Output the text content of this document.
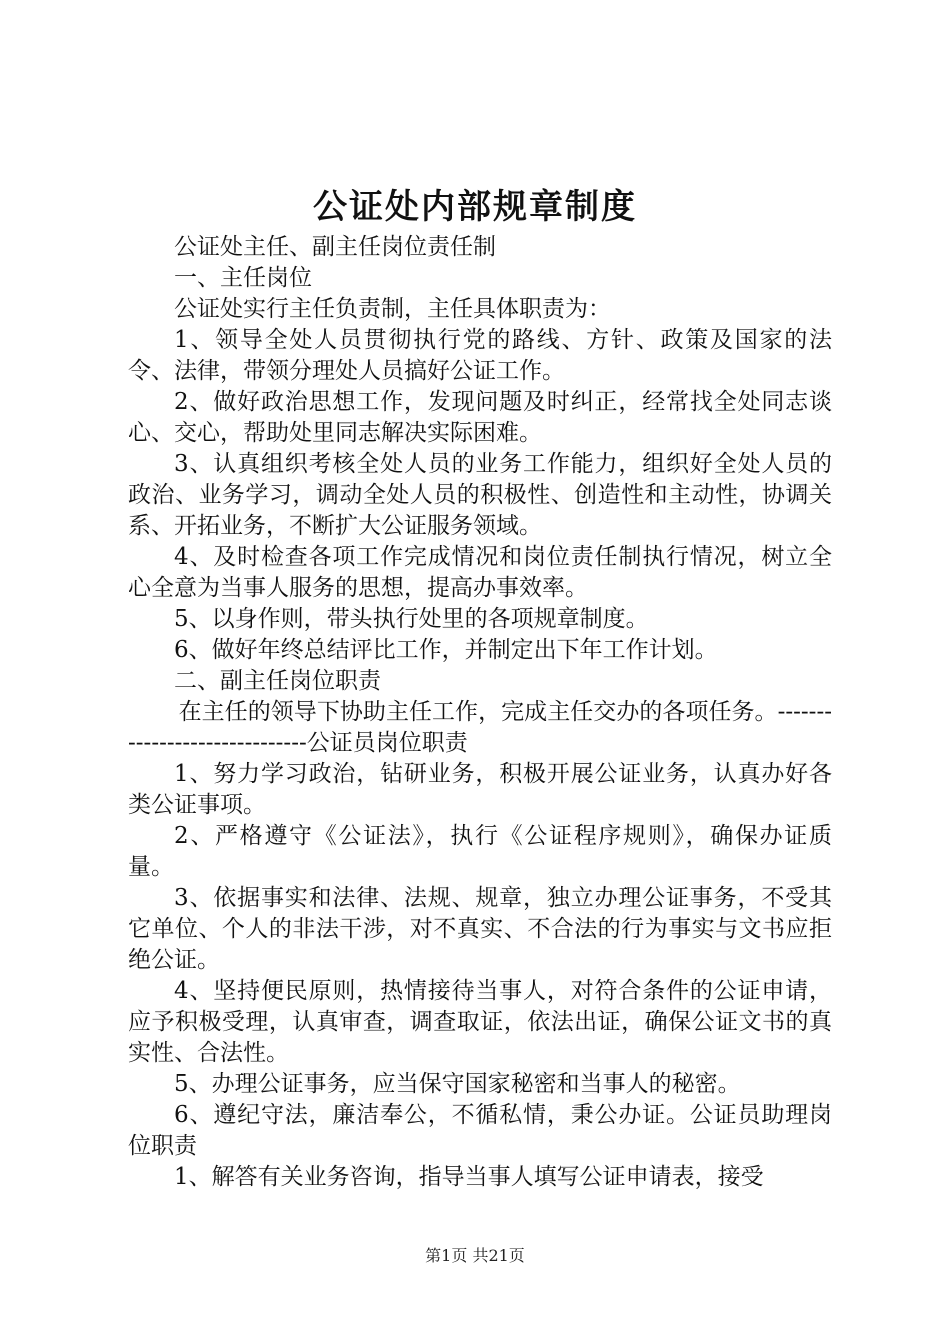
公证处内部规章制度

公证处主任、副主任岗位责任制

一、主任岗位

公证处实行主任负责制，主任具体职责为：

1、领导全处人员贯彻执行党的路线、方针、政策及国家的法令、法律，带领分理处人员搞好公证工作。

2、做好政治思想工作，发现问题及时纠正，经常找全处同志谈心、交心，帮助处里同志解决实际困难。

3、认真组织考核全处人员的业务工作能力，组织好全处人员的政治、业务学习，调动全处人员的积极性、创造性和主动性，协调关系、开拓业务，不断扩大公证服务领域。

4、及时检查各项工作完成情况和岗位责任制执行情况，树立全心全意为当事人服务的思想，提高办事效率。

5、以身作则，带头执行处里的各项规章制度。

6、做好年终总结评比工作，并制定出下年工作计划。

二、副主任岗位职责

在主任的领导下协助主任工作，完成主任交办的各项任务。------------------------------公证员岗位职责

1、努力学习政治，钻研业务，积极开展公证业务，认真办好各类公证事项。

2、严格遵守《公证法》，执行《公证程序规则》，确保办证质量。

3、依据事实和法律、法规、规章，独立办理公证事务，不受其它单位、个人的非法干涉，对不真实、不合法的行为事实与文书应拒绝公证。

4、坚持便民原则，热情接待当事人，对符合条件的公证申请，应予积极受理，认真审查，调查取证，依法出证，确保公证文书的真实性、合法性。

5、办理公证事务，应当保守国家秘密和当事人的秘密。

6、遵纪守法，廉洁奉公，不循私情，秉公办证。公证员助理岗位职责

1、解答有关业务咨询，指导当事人填写公证申请表，接受

第1页 共21页
